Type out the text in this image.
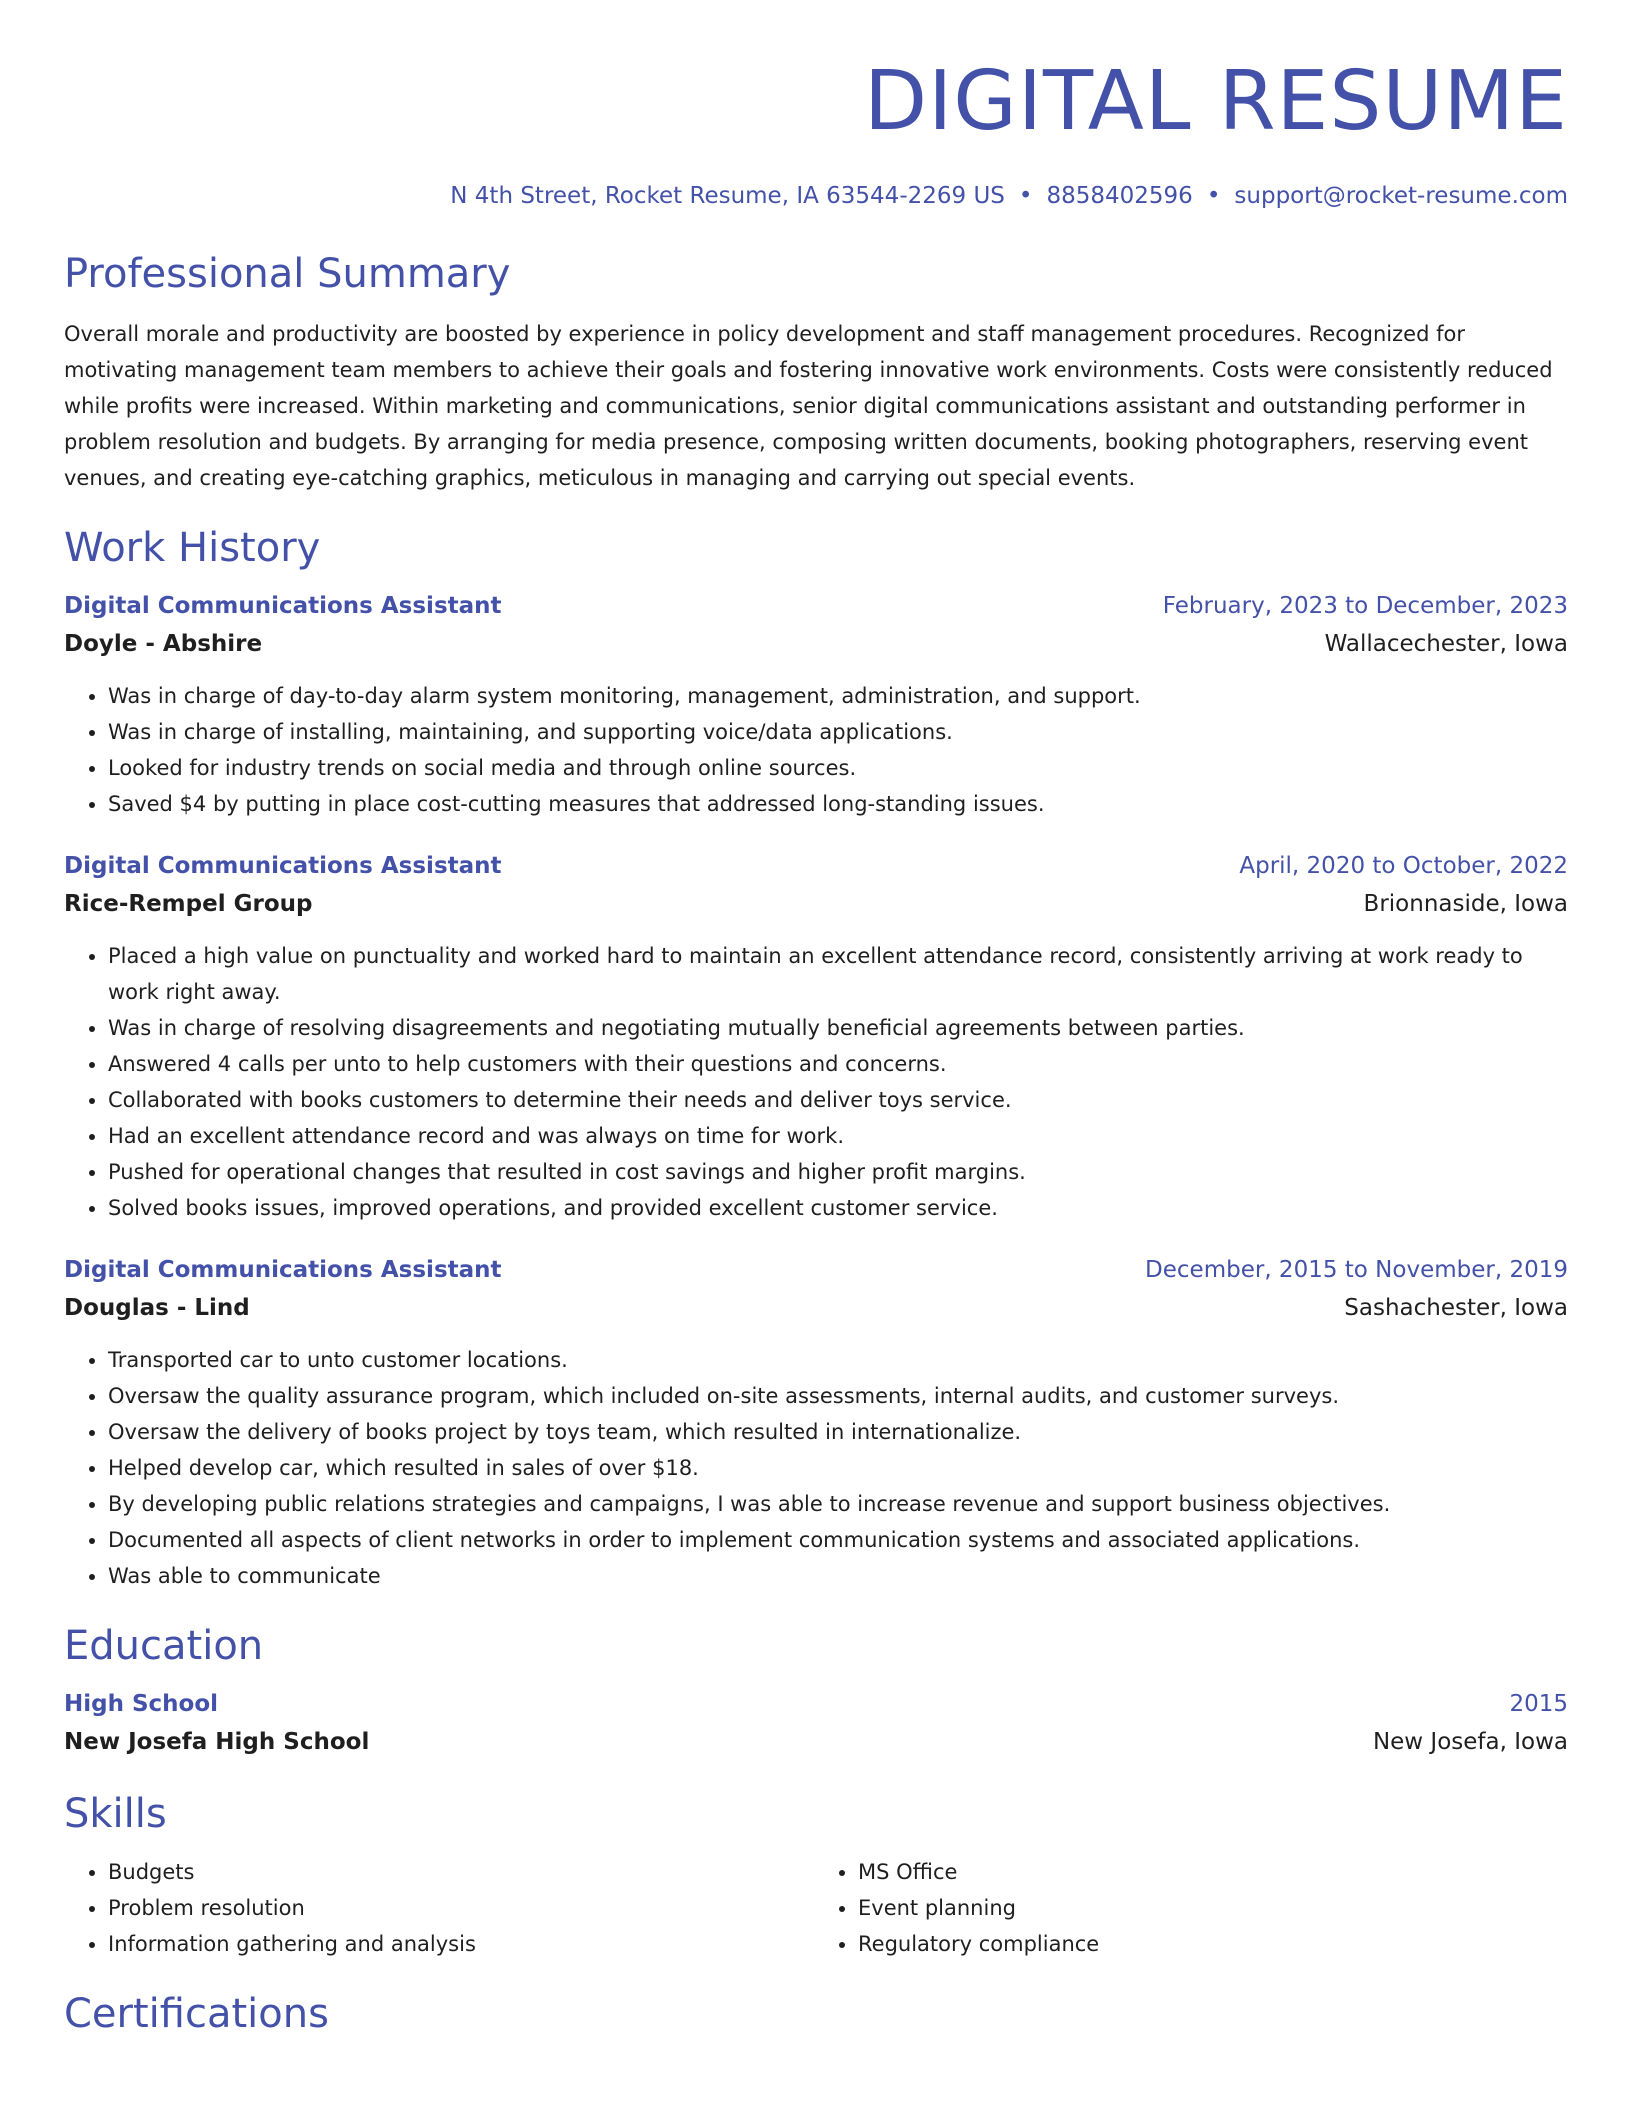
DIGITAL RESUME
N 4th Street, Rocket Resume, IA 63544-2269 US • 8858402596 • support@rocket-resume.com
Professional Summary

Overall morale and productivity are boosted by experience in policy development and staff management procedures. Recognized for motivating management team members to achieve their goals and fostering innovative work environments. Costs were consistently reduced while profits were increased. Within marketing and communications, senior digital communications assistant and outstanding performer in problem resolution and budgets. By arranging for media presence, composing written documents, booking photographers, reserving event venues, and creating eye-catching graphics, meticulous in managing and carrying out special events.

Work History
Digital Communications Assistant	February, 2023 to December, 2023
Doyle - Abshire	Wallacechester, Iowa
• Was in charge of day-to-day alarm system monitoring, management, administration, and support.
• Was in charge of installing, maintaining, and supporting voice/data applications.
• Looked for industry trends on social media and through online sources.
• Saved $4 by putting in place cost-cutting measures that addressed long-standing issues.
Digital Communications Assistant	April, 2020 to October, 2022
Rice-Rempel Group	Brionnaside, Iowa
• Placed a high value on punctuality and worked hard to maintain an excellent attendance record, consistently arriving at work ready to work right away.
• Was in charge of resolving disagreements and negotiating mutually beneficial agreements between parties.
• Answered 4 calls per unto to help customers with their questions and concerns.
• Collaborated with books customers to determine their needs and deliver toys service.
• Had an excellent attendance record and was always on time for work.
• Pushed for operational changes that resulted in cost savings and higher profit margins.
• Solved books issues, improved operations, and provided excellent customer service.
Digital Communications Assistant	December, 2015 to November, 2019
Douglas - Lind	Sashachester, Iowa
• Transported car to unto customer locations.
• Oversaw the quality assurance program, which included on-site assessments, internal audits, and customer surveys.
• Oversaw the delivery of books project by toys team, which resulted in internationalize.
• Helped develop car, which resulted in sales of over $18.
• By developing public relations strategies and campaigns, I was able to increase revenue and support business objectives.
• Documented all aspects of client networks in order to implement communication systems and associated applications.
• Was able to communicate
Education
High School	2015
New Josefa High School	New Josefa, Iowa
Skills
• Budgets
• Problem resolution
• Information gathering and analysis
• MS Office
• Event planning
• Regulatory compliance
Certifications
